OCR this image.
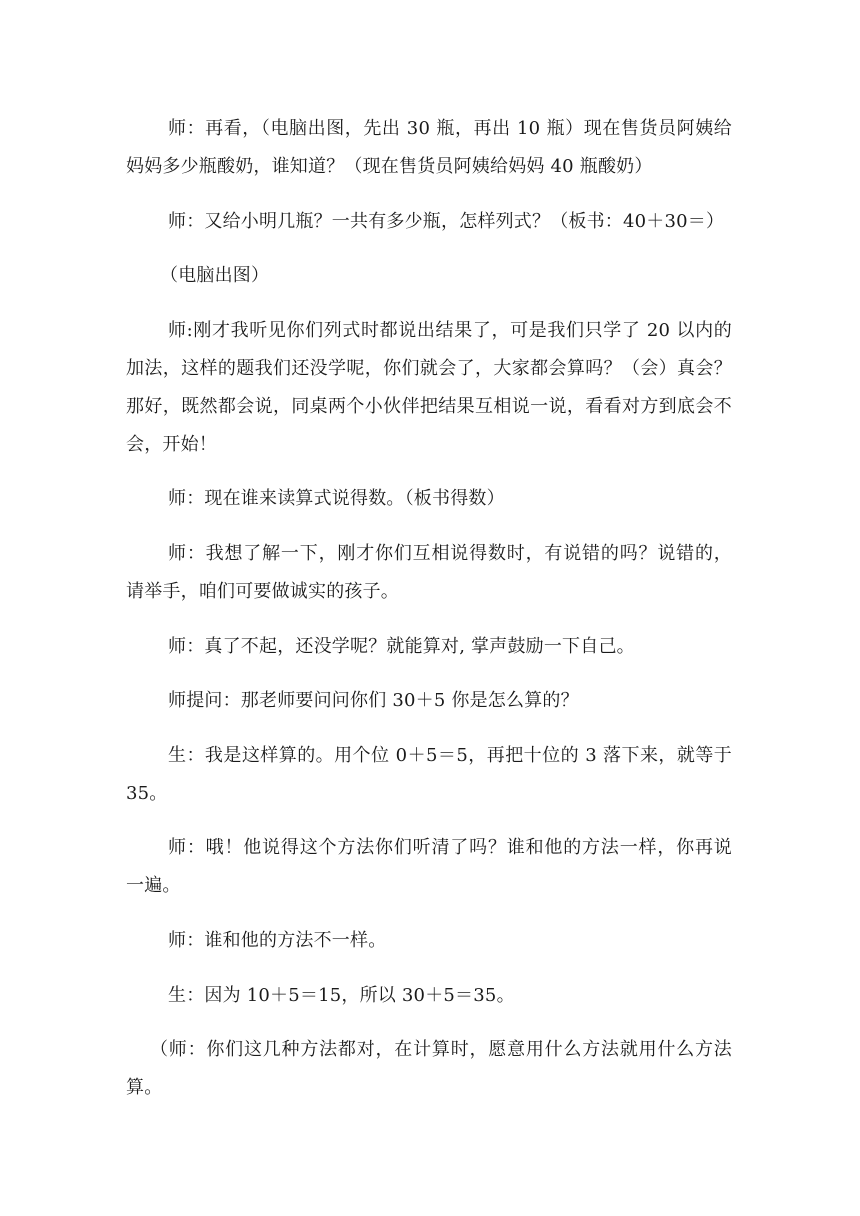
师：再看，（电脑出图，先出 30 瓶，再出 10 瓶）现在售货员阿姨给妈妈多少瓶酸奶，谁知道？（现在售货员阿姨给妈妈 40 瓶酸奶）

师：又给小明几瓶？一共有多少瓶，怎样列式？（板书：40＋30＝）

（电脑出图）

师:刚才我听见你们列式时都说出结果了，可是我们只学了 20 以内的加法，这样的题我们还没学呢，你们就会了，大家都会算吗？（会）真会？那好，既然都会说，同桌两个小伙伴把结果互相说一说，看看对方到底会不会，开始！

师：现在谁来读算式说得数。（板书得数）

师：我想了解一下，刚才你们互相说得数时，有说错的吗？说错的，请举手，咱们可要做诚实的孩子。

师：真了不起，还没学呢？就能算对, 掌声鼓励一下自己。

师提问：那老师要问问你们 30＋5 你是怎么算的？

生：我是这样算的。用个位 0＋5＝5，再把十位的 3 落下来，就等于 35。

师：哦！他说得这个方法你们听清了吗？谁和他的方法一样，你再说一遍。

师：谁和他的方法不一样。

生：因为 10＋5＝15，所以 30＋5＝35。

（师：你们这几种方法都对，在计算时，愿意用什么方法就用什么方法算。
